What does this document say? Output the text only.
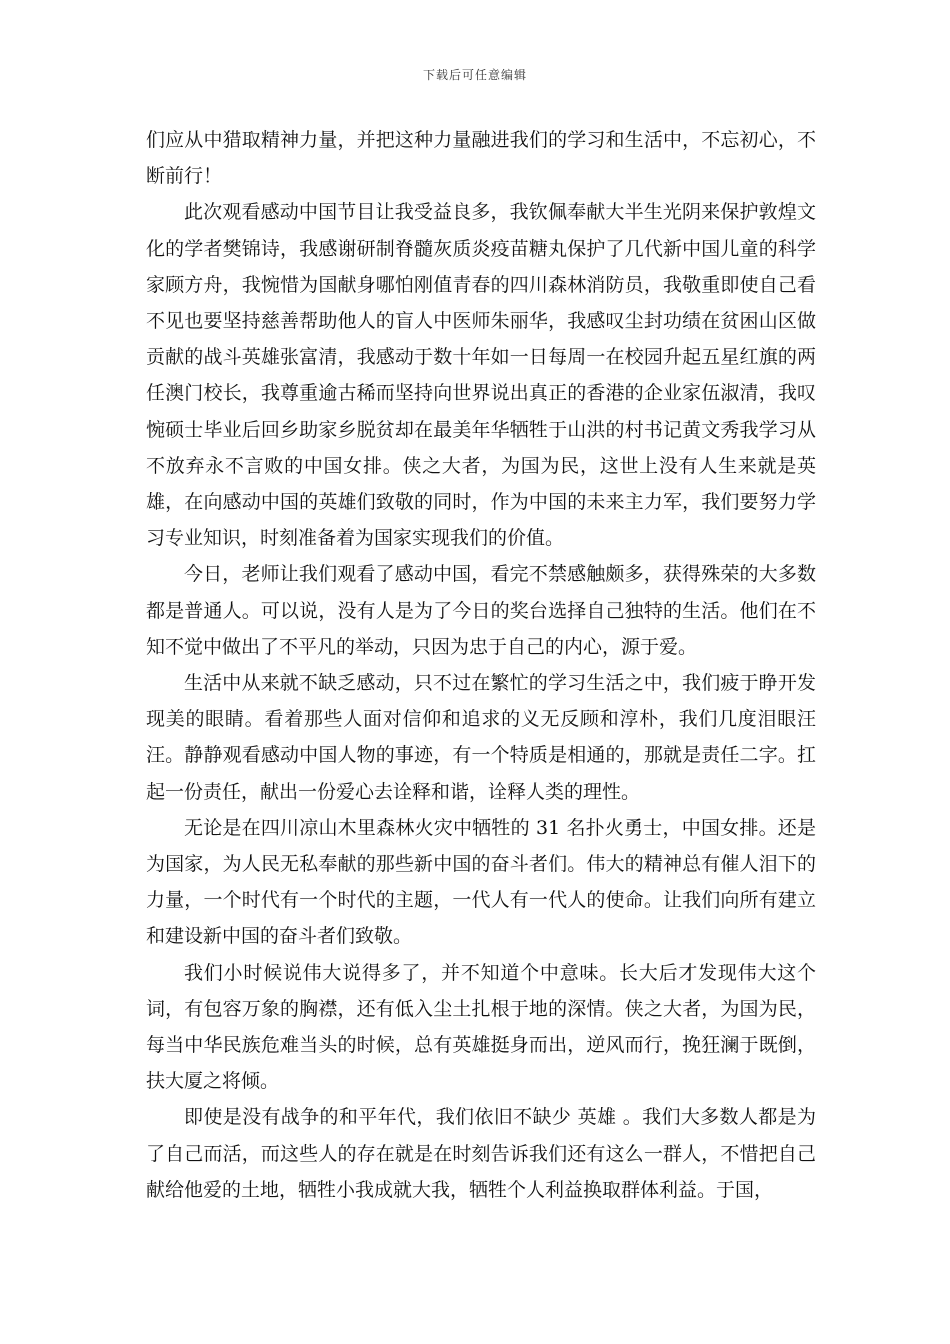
下载后可任意编辑

们应从中猎取精神力量，并把这种力量融进我们的学习和生活中，不忘初心，不断前行！

此次观看感动中国节目让我受益良多，我钦佩奉献大半生光阴来保护敦煌文化的学者樊锦诗，我感谢研制脊髓灰质炎疫苗糖丸保护了几代新中国儿童的科学家顾方舟，我惋惜为国献身哪怕刚值青春的四川森林消防员，我敬重即使自己看不见也要坚持慈善帮助他人的盲人中医师朱丽华，我感叹尘封功绩在贫困山区做贡献的战斗英雄张富清，我感动于数十年如一日每周一在校园升起五星红旗的两任澳门校长，我尊重逾古稀而坚持向世界说出真正的香港的企业家伍淑清，我叹惋硕士毕业后回乡助家乡脱贫却在最美年华牺牲于山洪的村书记黄文秀我学习从不放弃永不言败的中国女排。侠之大者，为国为民，这世上没有人生来就是英雄，在向感动中国的英雄们致敬的同时，作为中国的未来主力军，我们要努力学习专业知识，时刻准备着为国家实现我们的价值。

今日，老师让我们观看了感动中国，看完不禁感触颇多，获得殊荣的大多数都是普通人。可以说，没有人是为了今日的奖台选择自己独特的生活。他们在不知不觉中做出了不平凡的举动，只因为忠于自己的内心，源于爱。

生活中从来就不缺乏感动，只不过在繁忙的学习生活之中，我们疲于睁开发现美的眼睛。看着那些人面对信仰和追求的义无反顾和淳朴，我们几度泪眼汪汪。静静观看感动中国人物的事迹，有一个特质是相通的，那就是责任二字。扛起一份责任，献出一份爱心去诠释和谐，诠释人类的理性。

无论是在四川凉山木里森林火灾中牺牲的 31 名扑火勇士，中国女排。还是为国家，为人民无私奉献的那些新中国的奋斗者们。伟大的精神总有催人泪下的力量，一个时代有一个时代的主题，一代人有一代人的使命。让我们向所有建立和建设新中国的奋斗者们致敬。

我们小时候说伟大说得多了，并不知道个中意味。长大后才发现伟大这个词，有包容万象的胸襟，还有低入尘土扎根于地的深情。侠之大者，为国为民，每当中华民族危难当头的时候，总有英雄挺身而出，逆风而行，挽狂澜于既倒，扶大厦之将倾。

即使是没有战争的和平年代，我们依旧不缺少 英雄 。我们大多数人都是为了自己而活，而这些人的存在就是在时刻告诉我们还有这么一群人，不惜把自己献给他爱的土地，牺牲小我成就大我，牺牲个人利益换取群体利益。于国，
